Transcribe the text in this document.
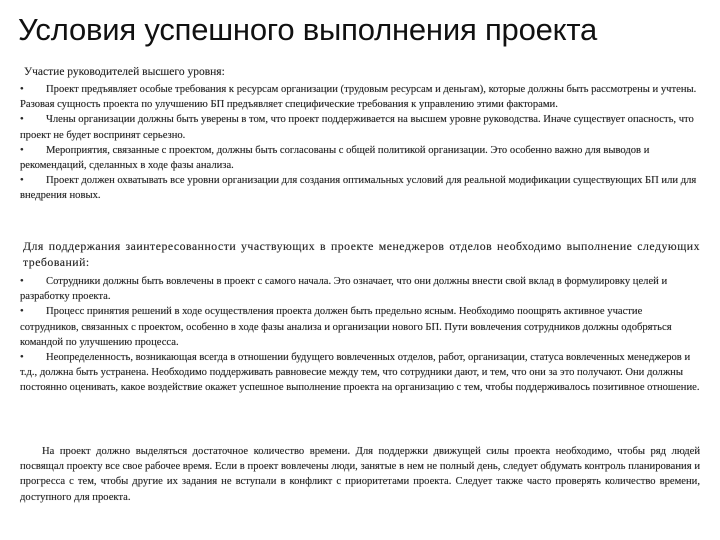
Условия успешного выполнения проекта
Участие руководителей высшего уровня:
• Проект предъявляет особые требования к ресурсам организации (трудовым ресурсам и деньгам), которые должны быть рассмотрены и учтены. Разовая сущность проекта по улучшению БП предъявляет специфические требования к управлению этими факторами.
• Члены организации должны быть уверены в том, что проект поддерживается на высшем уровне руководства. Иначе существует опасность, что проект не будет воспринят серьезно.
• Мероприятия, связанные с проектом, должны быть согласованы с общей политикой организации. Это особенно важно для выводов и рекомендаций, сделанных в ходе фазы анализа.
• Проект должен охватывать все уровни организации для создания оптимальных условий для реальной модификации существующих БП или для внедрения новых.
Для поддержания заинтересованности участвующих в проекте менеджеров отделов необходимо выполнение следующих требований:
• Сотрудники должны быть вовлечены в проект с самого начала. Это означает, что они должны внести свой вклад в формулировку целей и разработку проекта.
• Процесс принятия решений в ходе осуществления проекта должен быть предельно ясным. Необходимо поощрять активное участие сотрудников, связанных с проектом, особенно в ходе фазы анализа и организации нового БП. Пути вовлечения сотрудников должны одобряться командой по улучшению процесса.
• Неопределенность, возникающая всегда в отношении будущего вовлеченных отделов, работ, организации, статуса вовлеченных менеджеров и т.д., должна быть устранена. Необходимо поддерживать равновесие между тем, что сотрудники дают, и тем, что они за это получают. Они должны постоянно оценивать, какое воздействие окажет успешное выполнение проекта на организацию с тем, чтобы поддерживалось позитивное отношение.

На проект должно выделяться достаточное количество времени. Для поддержки движущей силы проекта необходимо, чтобы ряд людей посвящал проекту все свое рабочее время. Если в проект вовлечены люди, занятые в нем не полный день, следует обдумать контроль планирования и прогресса с тем, чтобы другие их задания не вступали в конфликт с приоритетами проекта. Следует также часто проверять количество времени, доступного для проекта.
